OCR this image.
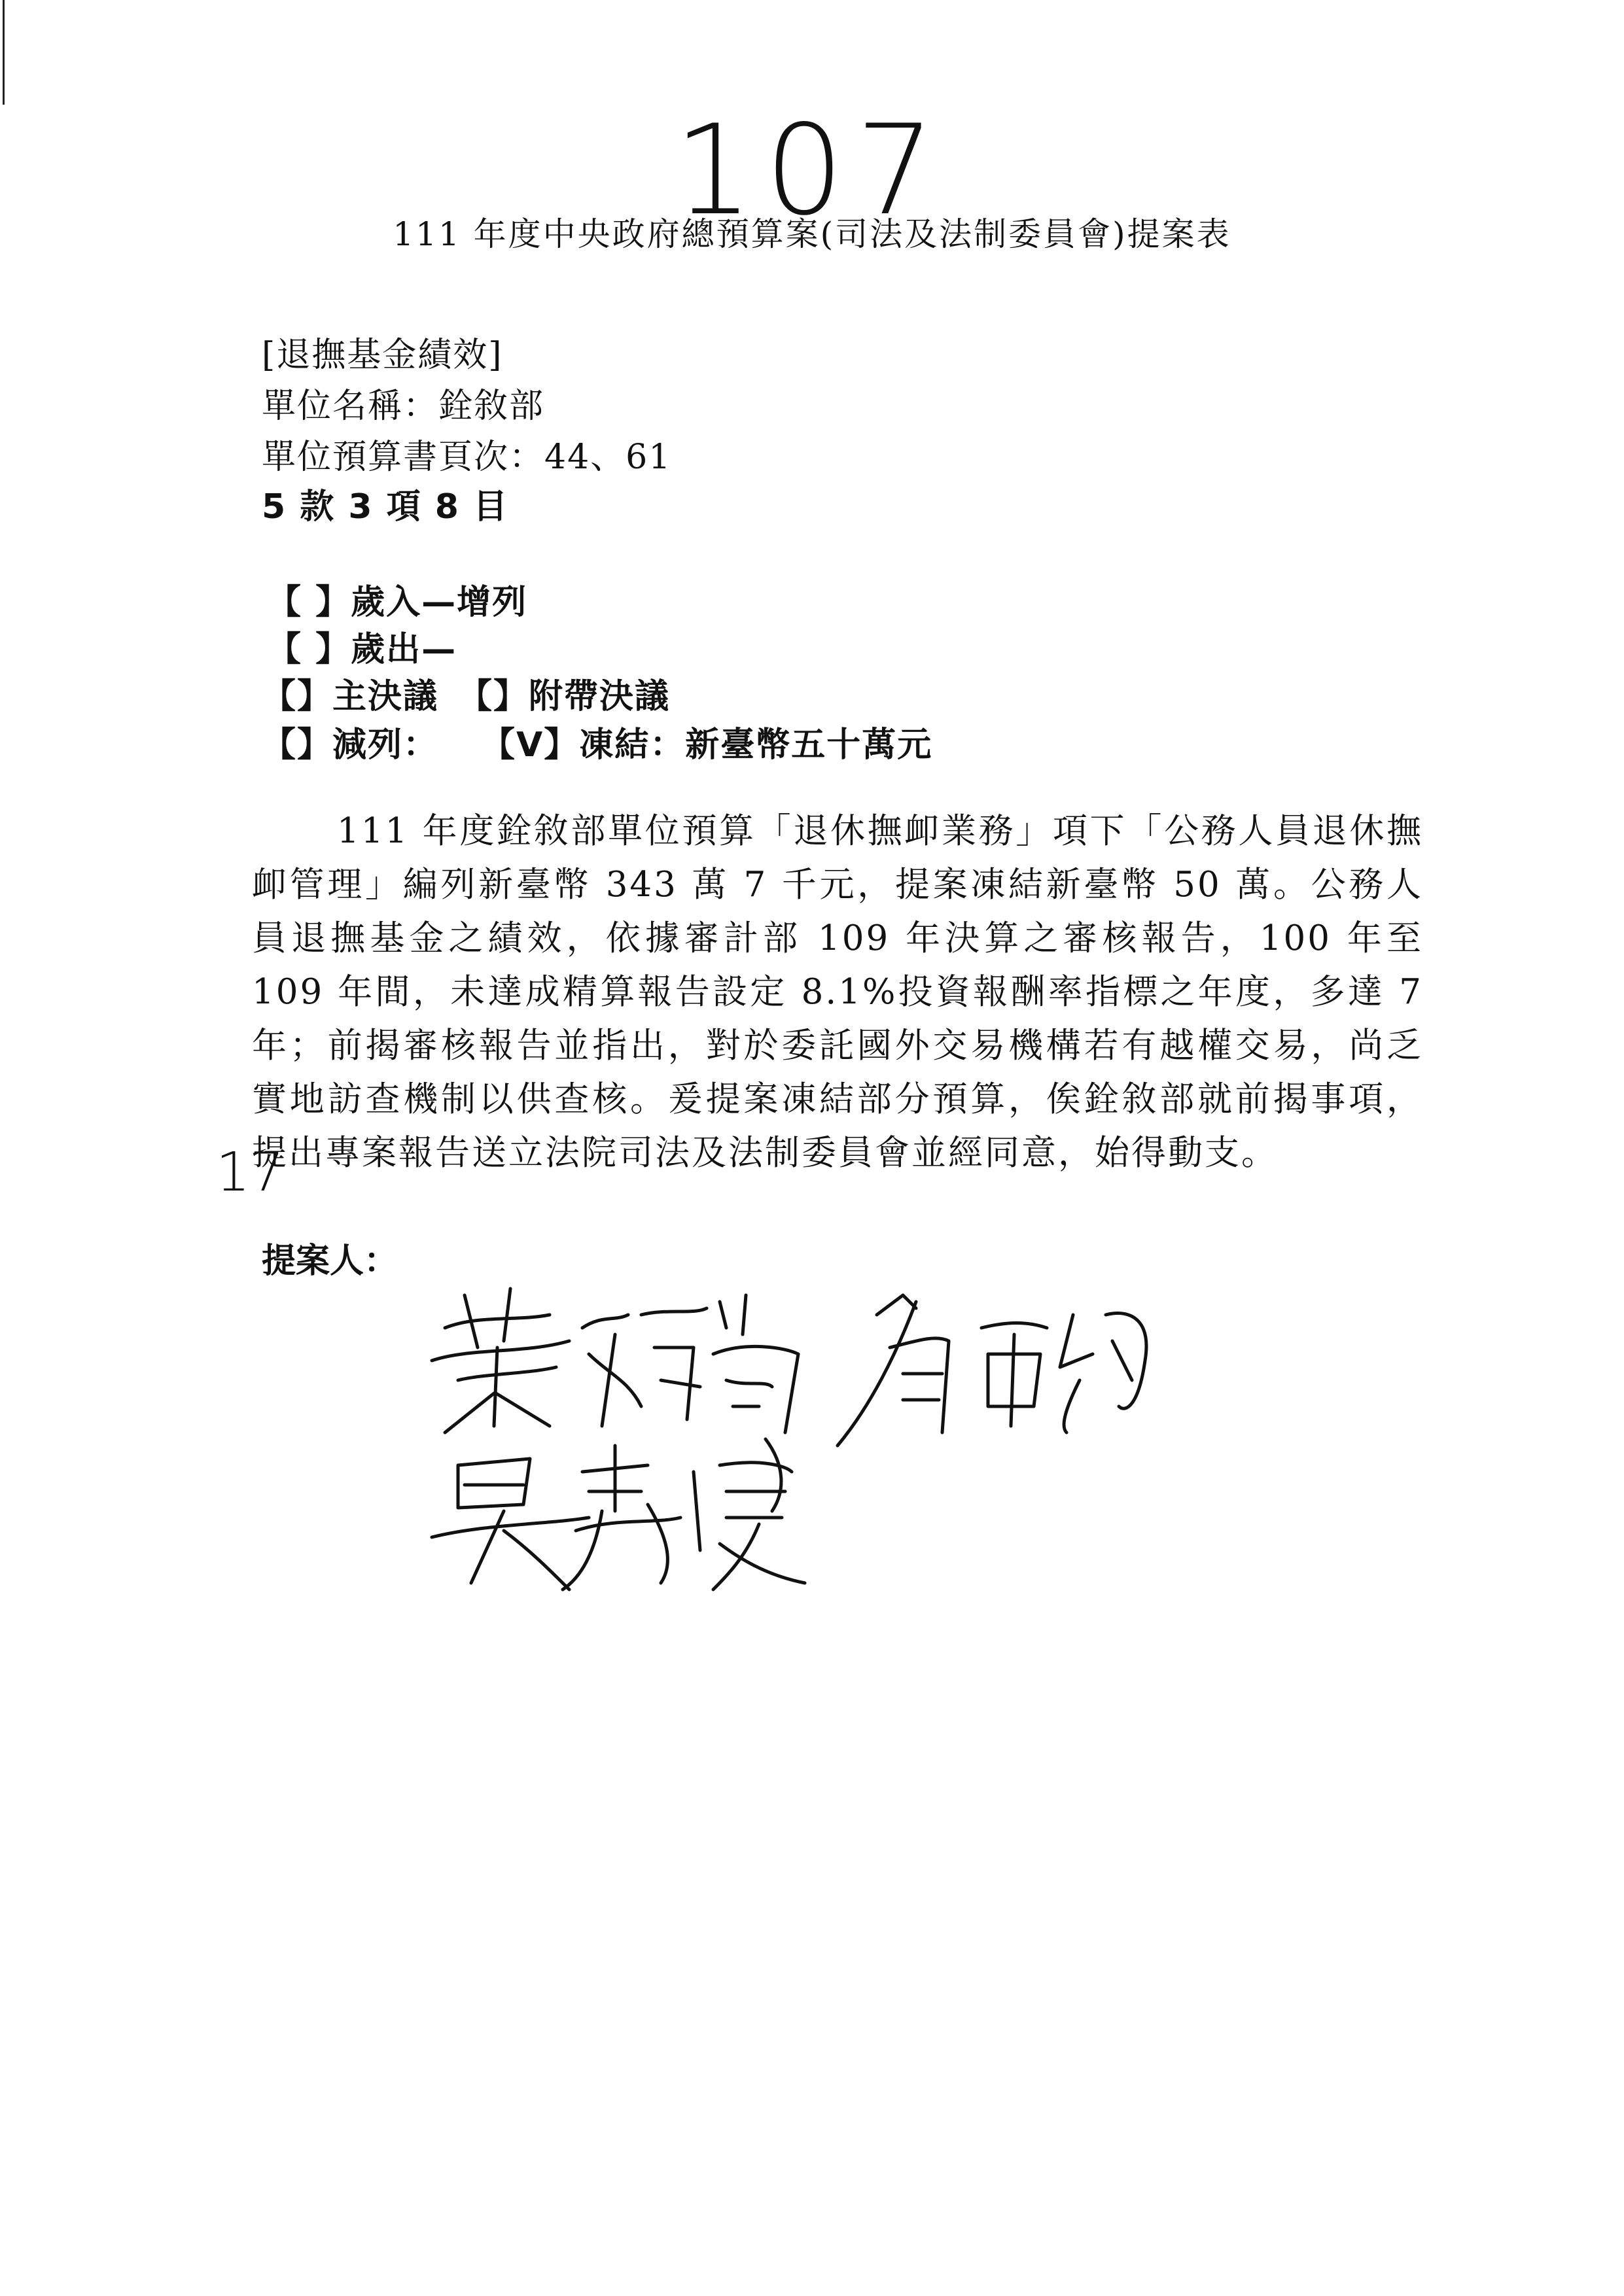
107
111 年度中央政府總預算案(司法及法制委員會)提案表
[退撫基金績效]
單位名稱：銓敘部
單位預算書頁次：44、61
5 款 3 項 8 目
【 】歲入—增列
【 】歲出—
【】主決議 【】附帶決議
【】減列： 【V】凍結：新臺幣五十萬元
111 年度銓敘部單位預算「退休撫卹業務」項下「公務人員退休撫卹管理」編列新臺幣 343 萬 7 千元，提案凍結新臺幣 50 萬。公務人員退撫基金之績效，依據審計部 109 年決算之審核報告，100 年至 109 年間，未達成精算報告設定 8.1%投資報酬率指標之年度，多達 7 年；前揭審核報告並指出，對於委託國外交易機構若有越權交易，尚乏實地訪查機制以供查核。爰提案凍結部分預算，俟銓敘部就前揭事項，提出專案報告送立法院司法及法制委員會並經同意，始得動支。
17
提案人：
